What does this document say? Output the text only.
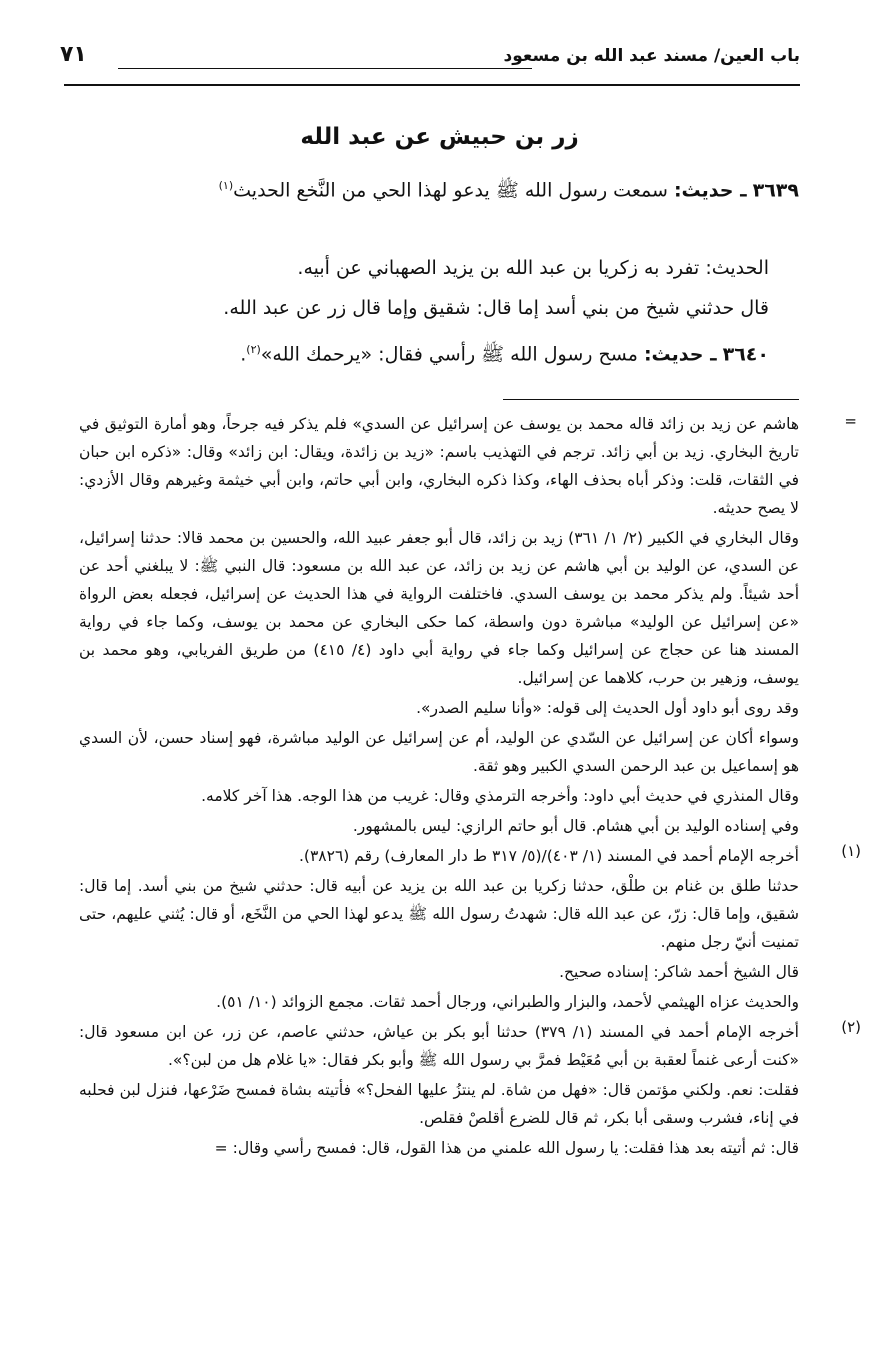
باب العين/ مسند عبد الله بن مسعود
٧١
زر بن حبيش عن عبد الله

٣٦٣٩ ـ حديث: سمعت رسول الله ﷺ يدعو لهذا الحي من النَّخع الحديث$^{(١)}$

الحديث: تفرد به زكريا بن عبد الله بن يزيد الصهباني عن أبيه.

قال حدثني شيخ من بني أسد إما قال: شقيق وإما قال زر عن عبد الله.

٣٦٤٠ ـ حديث: مسح رسول الله ﷺ رأسي فقال: «يرحمك الله»$^{(٢)}$.

=

هاشم عن زيد بن زائد قاله محمد بن يوسف عن إسرائيل عن السدي» فلم يذكر فيه جرحاً، وهو أمارة التوثيق في تاريخ البخاري. زيد بن أبي زائد. ترجم في التهذيب باسم: «زيد بن زائدة، ويقال: ابن زائد» وقال: «ذكره ابن حبان في الثقات، قلت: وذكر أباه بحذف الهاء، وكذا ذكره البخاري، وابن أبي حاتم، وابن أبي خيثمة وغيرهم وقال الأزدي: لا يصح حديثه.

وقال البخاري في الكبير (٢/ ١/ ٣٦١) زيد بن زائد، قال أبو جعفر عبيد الله، والحسين بن محمد قالا: حدثنا إسرائيل، عن السدي، عن الوليد بن أبي هاشم عن زيد بن زائد، عن عبد الله بن مسعود: قال النبي ﷺ: لا يبلغني أحد عن أحد شيئاً. ولم يذكر محمد بن يوسف السدي. فاختلفت الرواية في هذا الحديث عن إسرائيل، فجعله بعض الرواة «عن إسرائيل عن الوليد» مباشرة دون واسطة، كما حكى البخاري عن محمد بن يوسف، وكما جاء في رواية المسند هنا عن حجاج عن إسرائيل وكما جاء في رواية أبي داود (٤/ ٤١٥) من طريق الفريابي، وهو محمد بن يوسف، وزهير بن حرب، كلاهما عن إسرائيل.

وقد روى أبو داود أول الحديث إلى قوله: «وأنا سليم الصدر».

وسواء أكان عن إسرائيل عن السّدي عن الوليد، أم عن إسرائيل عن الوليد مباشرة، فهو إسناد حسن، لأن السدي هو إسماعيل بن عبد الرحمن السدي الكبير وهو ثقة.

وقال المنذري في حديث أبي داود: وأخرجه الترمذي وقال: غريب من هذا الوجه. هذا آخر كلامه.

وفي إسناده الوليد بن أبي هشام. قال أبو حاتم الرازي: ليس بالمشهور.

(١)

أخرجه الإمام أحمد في المسند (١/ ٤٠٣)/(٥/ ٣١٧ ط دار المعارف) رقم (٣٨٢٦).

حدثنا طلق بن غنام بن طلْق، حدثنا زكريا بن عبد الله بن يزيد عن أبيه قال: حدثني شيخ من بني أسد. إما قال: شقيق، وإما قال: زرّ، عن عبد الله قال: شهدتُ رسول الله ﷺ يدعو لهذا الحي من النَّخَع، أو قال: يُثني عليهم، حتى تمنيت أنيّ رجل منهم.

قال الشيخ أحمد شاكر: إسناده صحيح.

والحديث عزاه الهيثمي لأحمد، والبزار والطبراني، ورجال أحمد ثقات. مجمع الزوائد (١٠/ ٥١).

(٢)

أخرجه الإمام أحمد في المسند (١/ ٣٧٩) حدثنا أبو بكر بن عياش، حدثني عاصم، عن زر، عن ابن مسعود قال: «كنت أرعى غنماً لعقبة بن أبي مُعَيْط فمرَّ بي رسول الله ﷺ وأبو بكر فقال: «يا غلام هل من لبن؟».

فقلت: نعم. ولكني مؤتمن قال: «فهل من شاة. لم ينتزُ عليها الفحل؟» فأتيته بشاة فمسح ضَرْعها، فنزل لبن فحلبه في إناء، فشرب وسقى أبا بكر، ثم قال للضرع أقلصْ فقلص.

قال: ثم أتيته بعد هذا فقلت: يا رسول الله علمني من هذا القول، قال: فمسح رأسي وقال: =
